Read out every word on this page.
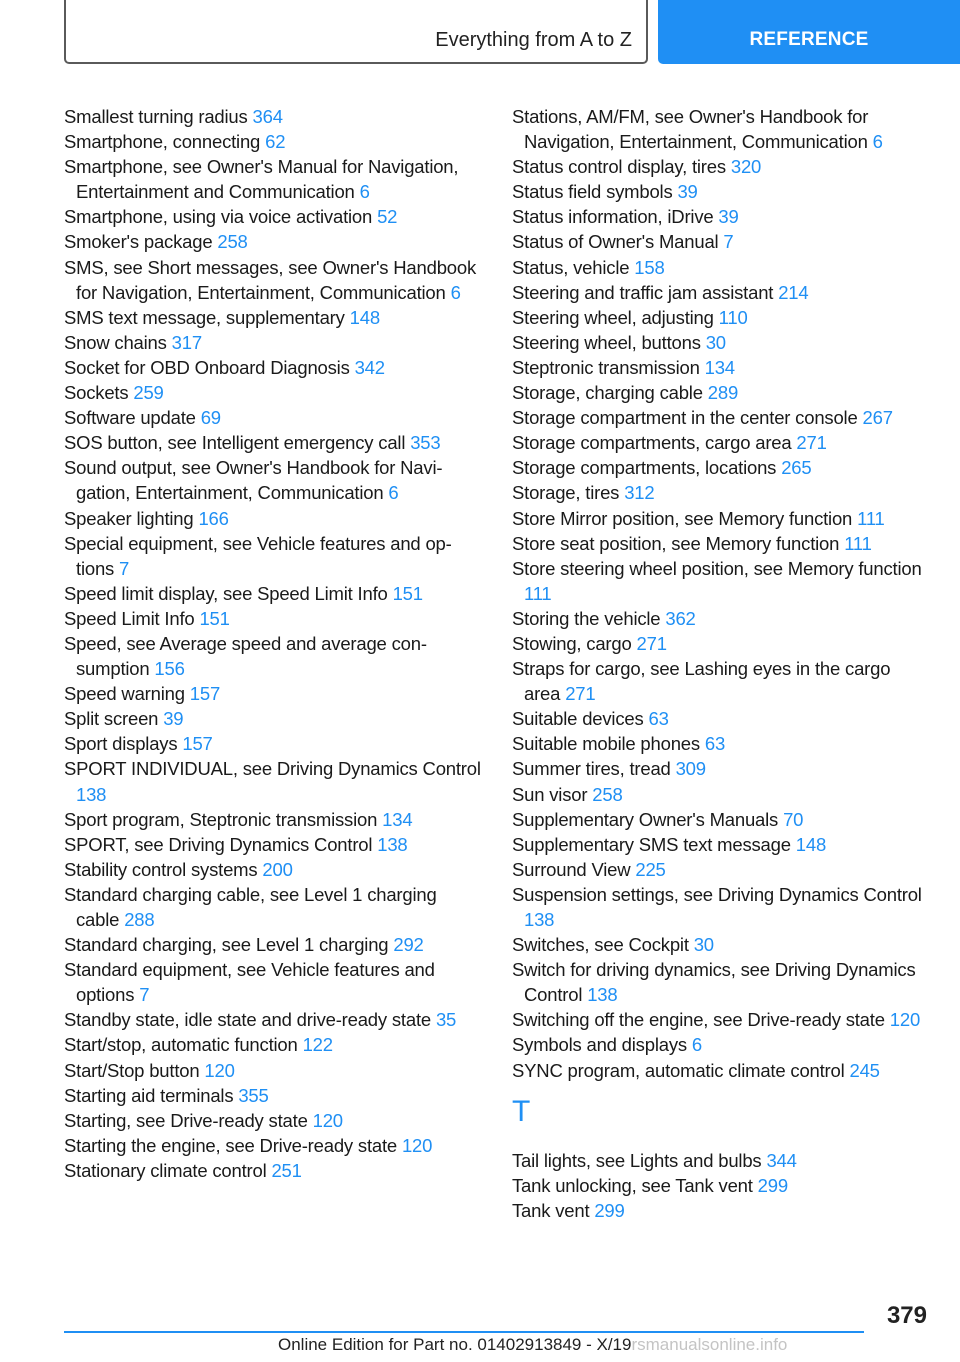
Everything from A to Z	REFERENCE
Smallest turning radius 364
Smartphone, connecting 62
Smartphone, see Owner's Manual for Navigation, Entertainment and Communication 6
Smartphone, using via voice activation 52
Smoker's package 258
SMS, see Short messages, see Owner's Handbook for Navigation, Entertainment, Communication 6
SMS text message, supplementary 148
Snow chains 317
Socket for OBD Onboard Diagnosis 342
Sockets 259
Software update 69
SOS button, see Intelligent emergency call 353
Sound output, see Owner's Handbook for Navigation, Entertainment, Communication 6
Speaker lighting 166
Special equipment, see Vehicle features and options 7
Speed limit display, see Speed Limit Info 151
Speed Limit Info 151
Speed, see Average speed and average consumption 156
Speed warning 157
Split screen 39
Sport displays 157
SPORT INDIVIDUAL, see Driving Dynamics Control 138
Sport program, Steptronic transmission 134
SPORT, see Driving Dynamics Control 138
Stability control systems 200
Standard charging cable, see Level 1 charging cable 288
Standard charging, see Level 1 charging 292
Standard equipment, see Vehicle features and options 7
Standby state, idle state and drive-ready state 35
Start/stop, automatic function 122
Start/Stop button 120
Starting aid terminals 355
Starting, see Drive-ready state 120
Starting the engine, see Drive-ready state 120
Stationary climate control 251
Stations, AM/FM, see Owner's Handbook for Navigation, Entertainment, Communication 6
Status control display, tires 320
Status field symbols 39
Status information, iDrive 39
Status of Owner's Manual 7
Status, vehicle 158
Steering and traffic jam assistant 214
Steering wheel, adjusting 110
Steering wheel, buttons 30
Steptronic transmission 134
Storage, charging cable 289
Storage compartment in the center console 267
Storage compartments, cargo area 271
Storage compartments, locations 265
Storage, tires 312
Store Mirror position, see Memory function 111
Store seat position, see Memory function 111
Store steering wheel position, see Memory function 111
Storing the vehicle 362
Stowing, cargo 271
Straps for cargo, see Lashing eyes in the cargo area 271
Suitable devices 63
Suitable mobile phones 63
Summer tires, tread 309
Sun visor 258
Supplementary Owner's Manuals 70
Supplementary SMS text message 148
Surround View 225
Suspension settings, see Driving Dynamics Control 138
Switches, see Cockpit 30
Switch for driving dynamics, see Driving Dynamics Control 138
Switching off the engine, see Drive-ready state 120
Symbols and displays 6
SYNC program, automatic climate control 245
T
Tail lights, see Lights and bulbs 344
Tank unlocking, see Tank vent 299
Tank vent 299
379
Online Edition for Part no. 01402913849 - X/19rsmanualsonline.info
